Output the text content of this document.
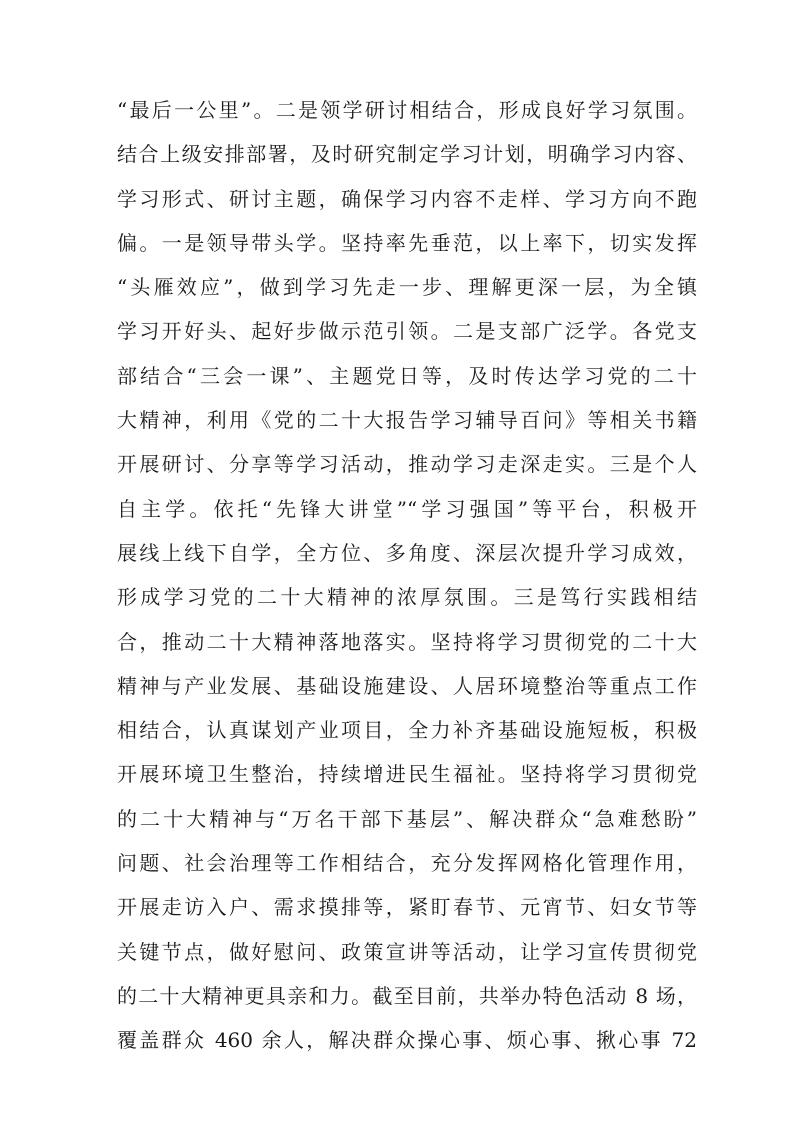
“最后一公里”。二是领学研讨相结合，形成良好学习氛围。
结合上级安排部署，及时研究制定学习计划，明确学习内容、
学习形式、研讨主题，确保学习内容不走样、学习方向不跑
偏。一是领导带头学。坚持率先垂范，以上率下，切实发挥
“头雁效应”，做到学习先走一步、理解更深一层，为全镇
学习开好头、起好步做示范引领。二是支部广泛学。各党支
部结合“三会一课”、主题党日等，及时传达学习党的二十
大精神，利用《党的二十大报告学习辅导百问》等相关书籍
开展研讨、分享等学习活动，推动学习走深走实。三是个人
自主学。依托“先锋大讲堂”“学习强国”等平台，积极开
展线上线下自学，全方位、多角度、深层次提升学习成效，
形成学习党的二十大精神的浓厚氛围。三是笃行实践相结
合，推动二十大精神落地落实。坚持将学习贯彻党的二十大
精神与产业发展、基础设施建设、人居环境整治等重点工作
相结合，认真谋划产业项目，全力补齐基础设施短板，积极
开展环境卫生整治，持续增进民生福祉。坚持将学习贯彻党
的二十大精神与“万名干部下基层”、解决群众“急难愁盼”
问题、社会治理等工作相结合，充分发挥网格化管理作用，
开展走访入户、需求摸排等，紧盯春节、元宵节、妇女节等
关键节点，做好慰问、政策宣讲等活动，让学习宣传贯彻党
的二十大精神更具亲和力。截至目前，共举办特色活动 8 场，
覆盖群众 460 余人，解决群众操心事、烦心事、揪心事 72
